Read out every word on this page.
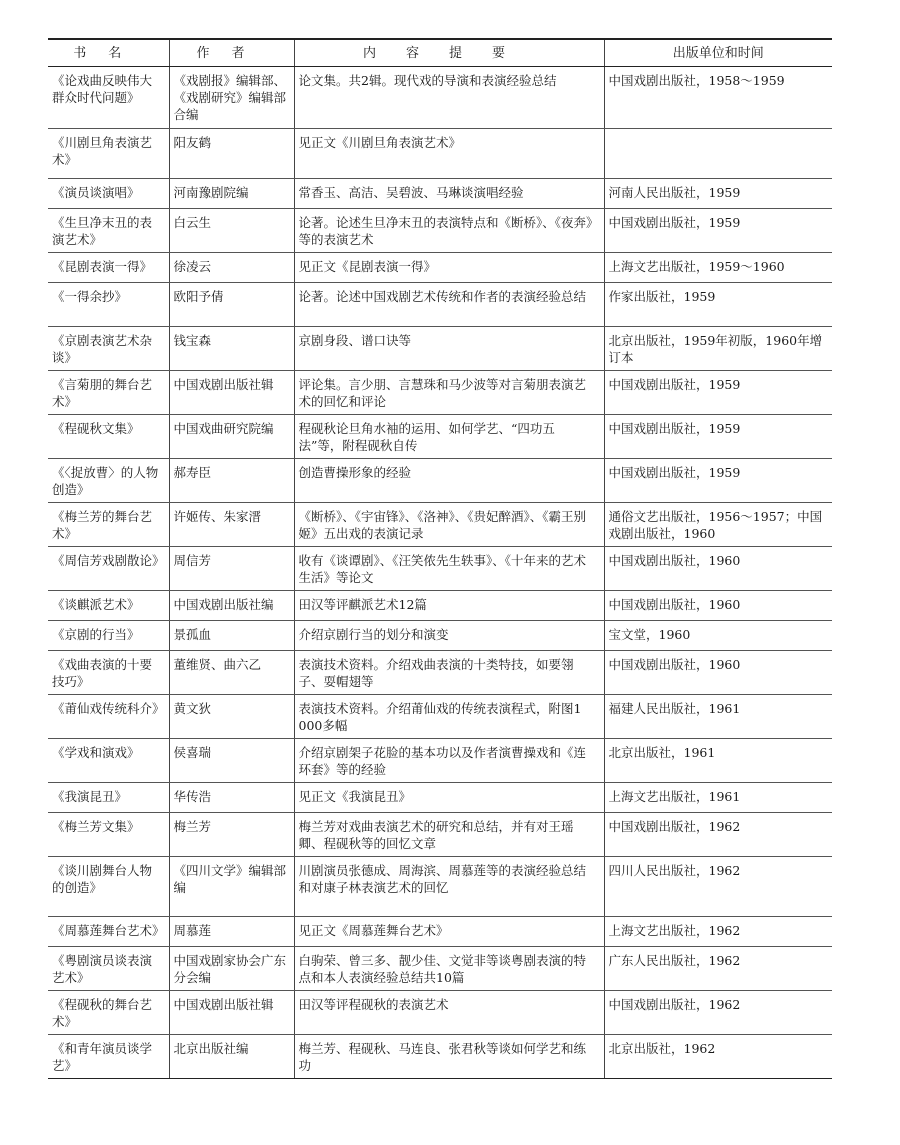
书名	作者	内容提要	出版单位和时间
《论戏曲反映伟大群众时代问题》	《戏剧报》编辑部、《戏剧研究》编辑部合编	论文集。共2辑。现代戏的导演和表演经验总结	中国戏剧出版社，1958～1959
《川剧旦角表演艺术》	阳友鹤	见正文《川剧旦角表演艺术》	
《演员谈演唱》	河南豫剧院编	常香玉、高洁、吴碧波、马琳谈演唱经验	河南人民出版社，1959
《生旦净末丑的表演艺术》	白云生	论著。论述生旦净末丑的表演特点和《断桥》、《夜奔》等的表演艺术	中国戏剧出版社，1959
《昆剧表演一得》	徐凌云	见正文《昆剧表演一得》	上海文艺出版社，1959～1960
《一得余抄》	欧阳予倩	论著。论述中国戏剧艺术传统和作者的表演经验总结	作家出版社，1959
《京剧表演艺术杂谈》	钱宝森	京剧身段、谱口诀等	北京出版社，1959年初版，1960年增订本
《言菊朋的舞台艺术》	中国戏剧出版社辑	评论集。言少朋、言慧珠和马少波等对言菊朋表演艺术的回忆和评论	中国戏剧出版社，1959
《程砚秋文集》	中国戏曲研究院编	程砚秋论旦角水袖的运用、如何学艺、“四功五法”等，附程砚秋自传	中国戏剧出版社，1959
《〈捉放曹〉的人物创造》	郝寿臣	创造曹操形象的经验	中国戏剧出版社，1959
《梅兰芳的舞台艺术》	许姬传、朱家溍	《断桥》、《宇宙锋》、《洛神》、《贵妃醉酒》、《霸王别姬》五出戏的表演记录	通俗文艺出版社，1956～1957；中国戏剧出版社，1960
《周信芳戏剧散论》	周信芳	收有《谈谭剧》、《汪笑侬先生轶事》、《十年来的艺术生活》等论文	中国戏剧出版社，1960
《谈麒派艺术》	中国戏剧出版社编	田汉等评麒派艺术12篇	中国戏剧出版社，1960
《京剧的行当》	景孤血	介绍京剧行当的划分和演变	宝文堂，1960
《戏曲表演的十要技巧》	董维贤、曲六乙	表演技术资料。介绍戏曲表演的十类特技，如要翎子、耍帽翅等	中国戏剧出版社，1960
《莆仙戏传统科介》	黄文狄	表演技术资料。介绍莆仙戏的传统表演程式，附图1 000多幅	福建人民出版社，1961
《学戏和演戏》	侯喜瑞	介绍京剧架子花脸的基本功以及作者演曹操戏和《连环套》等的经验	北京出版社，1961
《我演昆丑》	华传浩	见正文《我演昆丑》	上海文艺出版社，1961
《梅兰芳文集》	梅兰芳	梅兰芳对戏曲表演艺术的研究和总结，并有对王瑶卿、程砚秋等的回忆文章	中国戏剧出版社，1962
《谈川剧舞台人物的创造》	《四川文学》编辑部编	川剧演员张德成、周海滨、周慕莲等的表演经验总结和对康子林表演艺术的回忆	四川人民出版社，1962
《周慕莲舞台艺术》	周慕莲	见正文《周慕莲舞台艺术》	上海文艺出版社，1962
《粤剧演员谈表演艺术》	中国戏剧家协会广东分会编	白驹荣、曾三多、靓少佳、文觉非等谈粤剧表演的特点和本人表演经验总结共10篇	广东人民出版社，1962
《程砚秋的舞台艺术》	中国戏剧出版社辑	田汉等评程砚秋的表演艺术	中国戏剧出版社，1962
《和青年演员谈学艺》	北京出版社编	梅兰芳、程砚秋、马连良、张君秋等谈如何学艺和练功	北京出版社，1962
